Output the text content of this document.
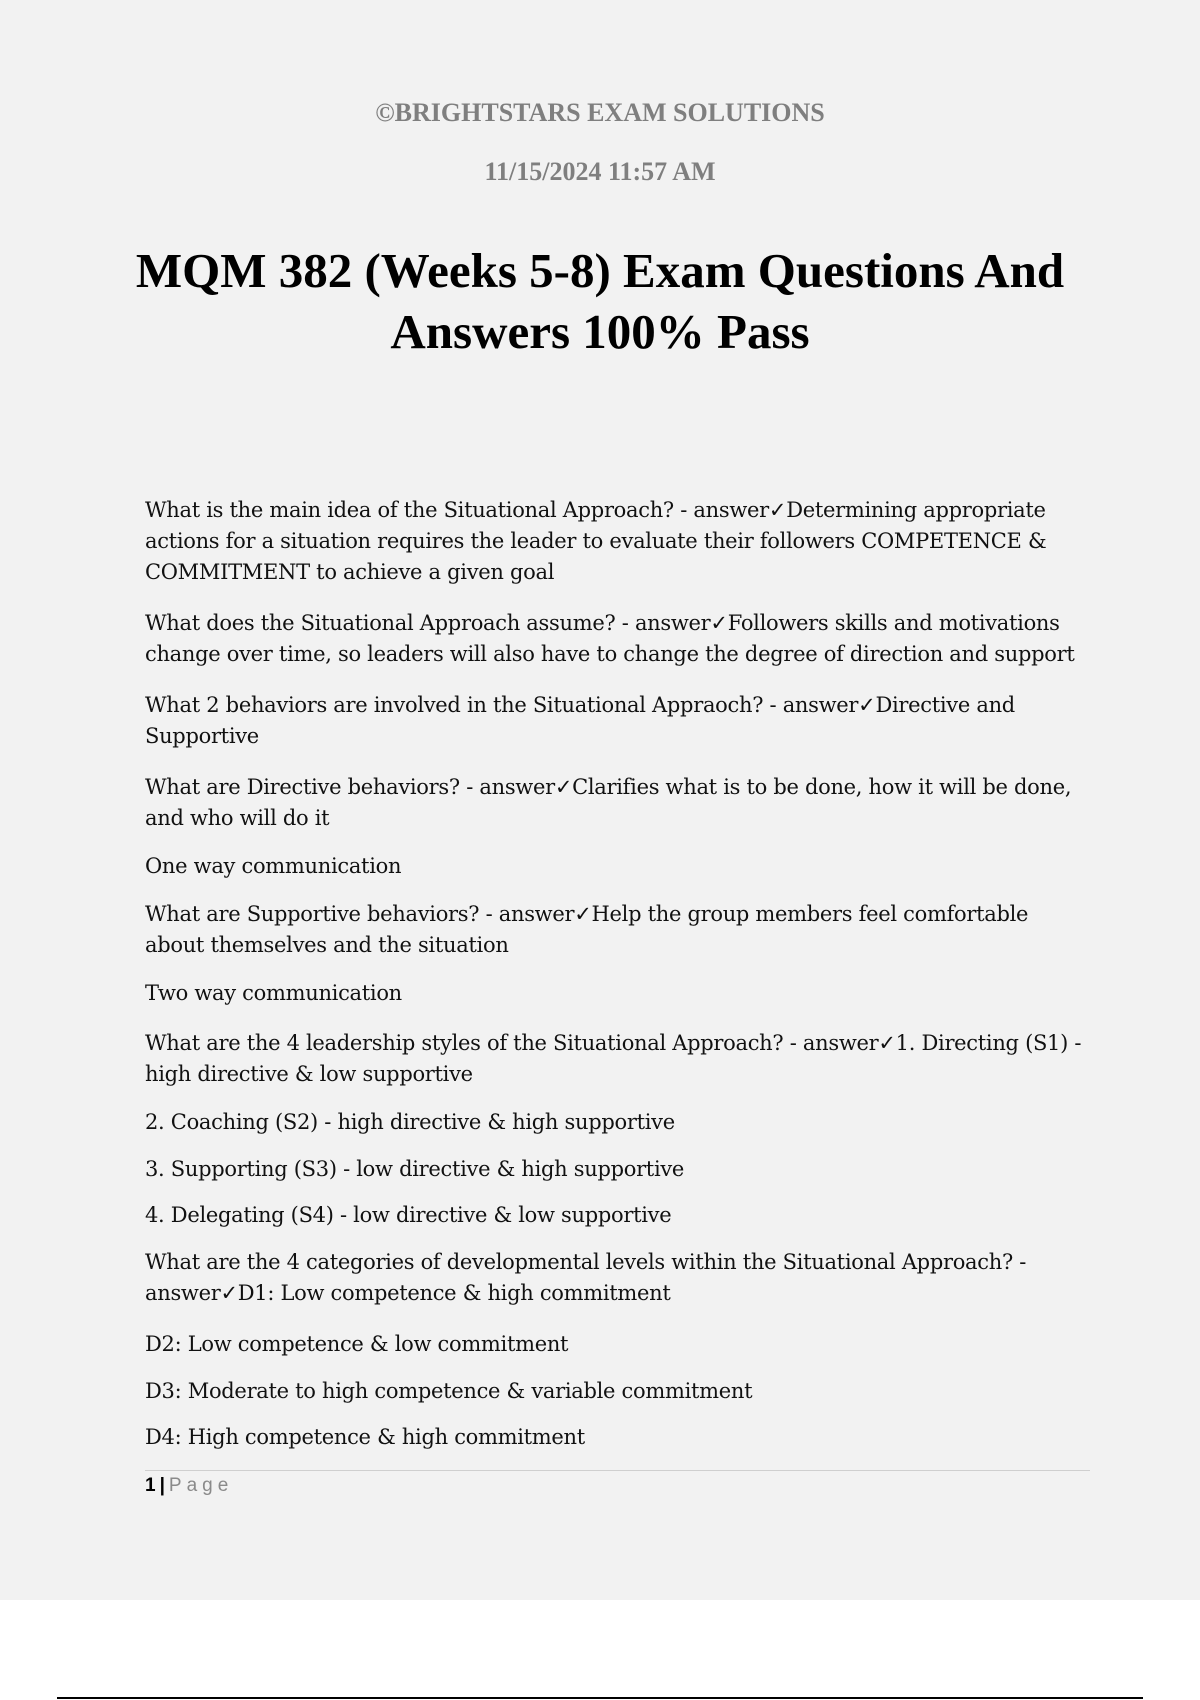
©BRIGHTSTARS EXAM SOLUTIONS
11/15/2024 11:57 AM
MQM 382 (Weeks 5-8) Exam Questions And Answers 100% Pass

What is the main idea of the Situational Approach? - answer✓Determining appropriate actions for a situation requires the leader to evaluate their followers COMPETENCE & COMMITMENT to achieve a given goal

What does the Situational Approach assume? - answer✓Followers skills and motivations change over time, so leaders will also have to change the degree of direction and support

What 2 behaviors are involved in the Situational Appraoch? - answer✓Directive and Supportive

What are Directive behaviors? - answer✓Clarifies what is to be done, how it will be done, and who will do it

One way communication

What are Supportive behaviors? - answer✓Help the group members feel comfortable about themselves and the situation

Two way communication

What are the 4 leadership styles of the Situational Approach? - answer✓1. Directing (S1) - high directive & low supportive

2. Coaching (S2) - high directive & high supportive

3. Supporting (S3) - low directive & high supportive

4. Delegating (S4) - low directive & low supportive

What are the 4 categories of developmental levels within the Situational Approach? - answer✓D1: Low competence & high commitment

D2: Low competence & low commitment

D3: Moderate to high competence & variable commitment

D4: High competence & high commitment

1 | Page
